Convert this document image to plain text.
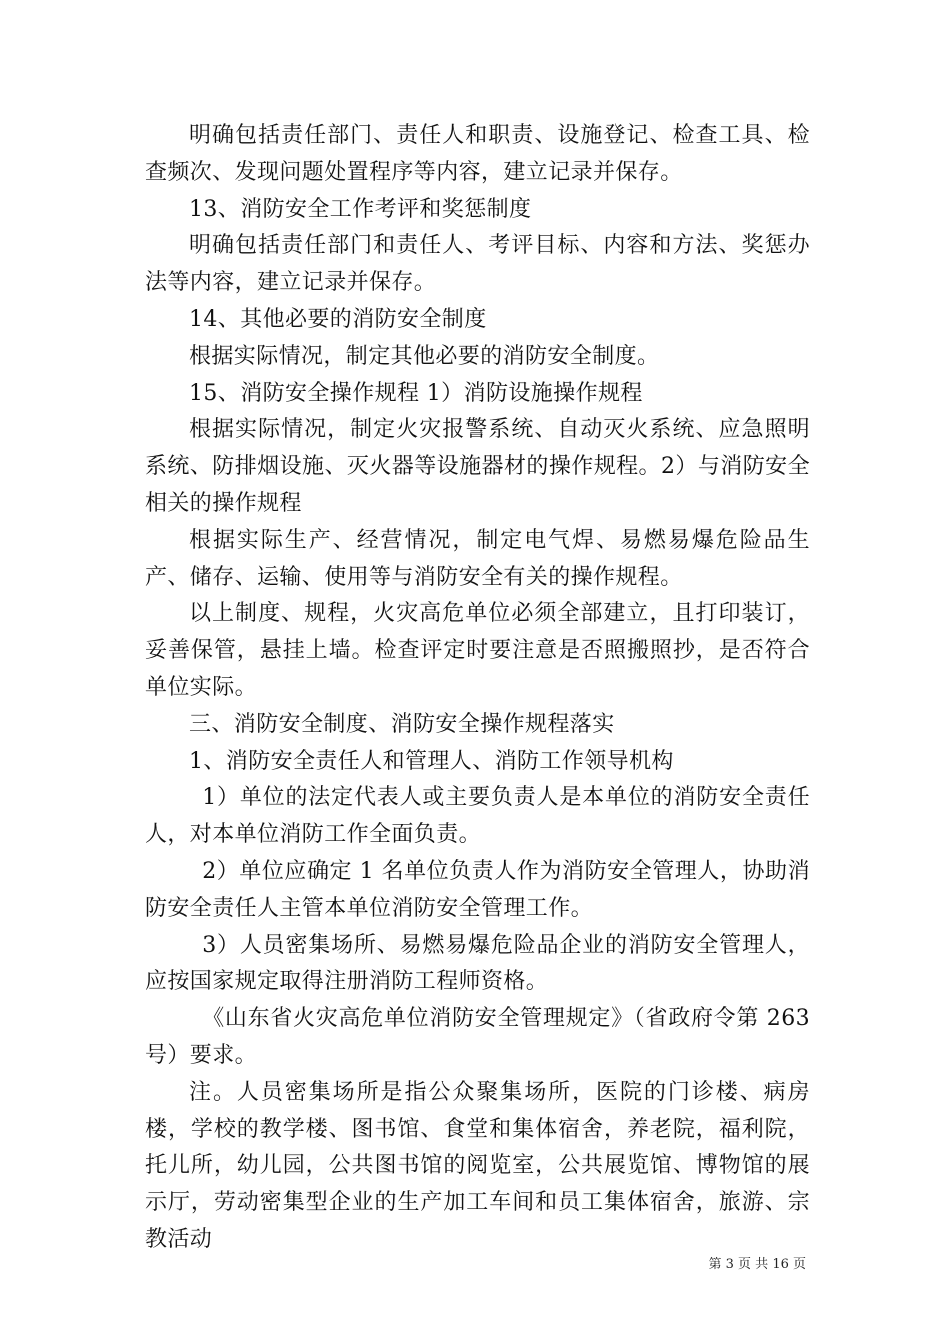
明确包括责任部门、责任人和职责、设施登记、检查工具、检查频次、发现问题处置程序等内容，建立记录并保存。

13、消防安全工作考评和奖惩制度

明确包括责任部门和责任人、考评目标、内容和方法、奖惩办法等内容，建立记录并保存。

14、其他必要的消防安全制度

根据实际情况，制定其他必要的消防安全制度。

15、消防安全操作规程 1）消防设施操作规程

根据实际情况，制定火灾报警系统、自动灭火系统、应急照明系统、防排烟设施、灭火器等设施器材的操作规程。2）与消防安全相关的操作规程

根据实际生产、经营情况，制定电气焊、易燃易爆危险品生产、储存、运输、使用等与消防安全有关的操作规程。

以上制度、规程，火灾高危单位必须全部建立，且打印装订，妥善保管，悬挂上墙。检查评定时要注意是否照搬照抄，是否符合单位实际。

三、消防安全制度、消防安全操作规程落实

1、消防安全责任人和管理人、消防工作领导机构

1）单位的法定代表人或主要负责人是本单位的消防安全责任人，对本单位消防工作全面负责。

2）单位应确定 1 名单位负责人作为消防安全管理人，协助消防安全责任人主管本单位消防安全管理工作。

3）人员密集场所、易燃易爆危险品企业的消防安全管理人，应按国家规定取得注册消防工程师资格。

《山东省火灾高危单位消防安全管理规定》（省政府令第 263 号）要求。

注。人员密集场所是指公众聚集场所，医院的门诊楼、病房楼，学校的教学楼、图书馆、食堂和集体宿舍，养老院，福利院，托儿所，幼儿园，公共图书馆的阅览室，公共展览馆、博物馆的展示厅，劳动密集型企业的生产加工车间和员工集体宿舍，旅游、宗教活动

第 3 页 共 16 页
